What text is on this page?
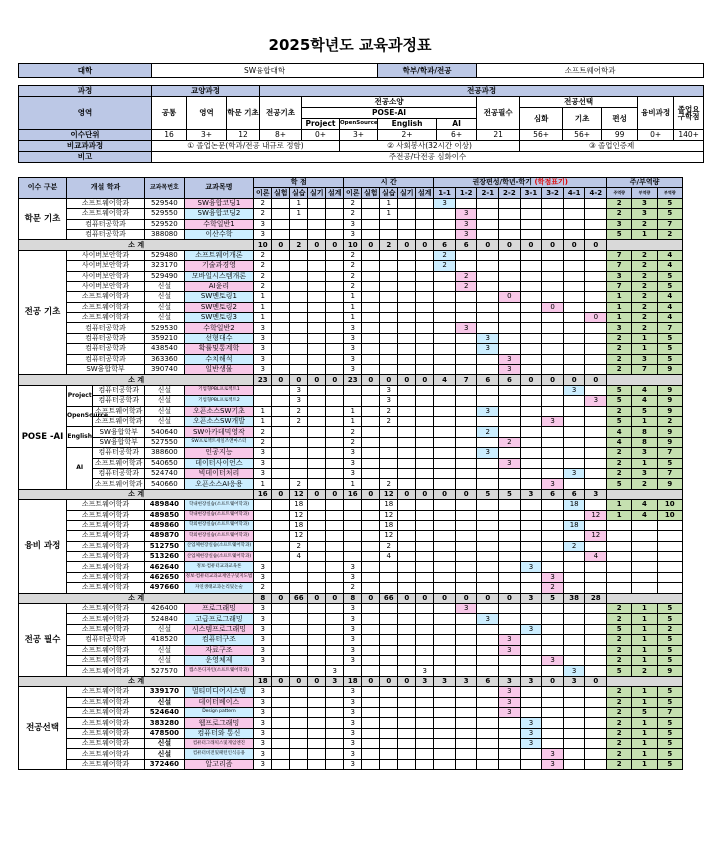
2025학년도 교육과정표
대학	SW융합대학						학부/학과/전공		소프트웨어학과					

과정	교양과정			전공과정										
영역	공통	영역	학문 기초	전공기초	전공소양				전공필수	전공선택			융비과정	졸업요 구학점
					POSE-AI					심화	기초	편성		
					Project	OpenSource	English	AI						
이수단위	16	3+	12	8+	0+	3+	2+	6+	21	56+	56+	99	0+	140+
비교과과정	① 졸업논문(학과/전공 내규로 정함)					② 사회봉사(32시간 이상)				③ 졸업인증제				
비고	주전공/다전공 심화이수													
이수 구분	개설 학과		교과목번호	교과목명	학 점					시 간					권장편성/학년-학기 (학점표기)								주/부역량		
					이론	실험	실습	실기	설계	이론	실험	실습	실기	설계	1-1	1-2	2-1	2-2	3-1	3-2	4-1	4-2	주역량	부역량	부역량
학문 기초	소프트웨어학과		529540	SW융합코딩1	2		1			2		1			3								2	3	5
	소프트웨어학과		529550	SW융합코딩2	2		1			2		1				3							2	3	5
	컴퓨터공학과		529520	수학일반1	3					3						3							3	2	7
	컴퓨터공학과		388080	이산수학	3					3						3							5	1	2
소 계					10	0	2	0	0	10	0	2	0	0	6	6	0	0	0	0	0	0			
전공 기초	사이버보안학과		529480	소프트웨어개론	2					2					2								7	2	4
	사이버보안학과		323170	기술과경영	2					2					2								7	2	4
	사이버보안학과		529490	모바일시스템개론	2					2						2							3	2	5
	사이버보안학과		신설	AI윤리	2					2						2							7	2	5
	소프트웨어학과		신설	SW멘토링1	1					1								0					1	2	4
	소프트웨어학과		신설	SW멘토링2	1					1										0			1	2	4
	소프트웨어학과		신설	SW멘토링3	1					1												0	1	2	4
	컴퓨터공학과		529530	수학일반2	3					3						3							3	2	7
	컴퓨터공학과		359210	선형대수	3					3							3						2	1	5
	컴퓨터공학과		438540	확률및통계학	3					3							3						2	1	5
	컴퓨터공학과		363360	수치해석	3					3								3					2	3	5
	SW융합학부		390740	일반생물	3					3								3					2	7	9
소 계					23	0	0	0	0	23	0	0	0	0	4	7	6	6	0	0	0	0			
POSE -AI	Project	컴퓨터공학과	신설	기업형PBL프로젝트1			3					3									3		5	4	9
		컴퓨터공학과	신설	기업형PBL프로젝트2			3					3										3	5	4	9
	OpenSource	소프트웨어학과	신설	오픈소스SW기초	1		2			1		2					3						2	5	9
		소프트웨어학과	신설	오픈소스SW개발	1		2			1		2								3			5	1	2
	English	SW융합학부	540640	SW아카데믹영작	2					2							2						4	8	9
		SW융합학부	527550	SW프로젝트세일즈앤마스터	2					2								2					4	8	9
	AI	컴퓨터공학과	388600	인공지능	3					3							3						2	3	7
		소프트웨어학과	540650	데이터사이언스	3					3								3					2	1	5
		컴퓨터공학과	524740	빅데이터처리	3					3											3		2	3	7
		소프트웨어학과	540660	오픈소스AI응용	1		2			1		2								3			5	2	9
소 계					16	0	12	0	0	16	0	12	0	0	0	0	5	5	3	6	6	3			
융비 과정	소프트웨어학과		489840	학내현장실습(소프트웨어학과)			18					18									18		1	4	10
	소프트웨어학과		489850	학내현장실습(소프트웨어학과)			12					12										12	1	4	10
	소프트웨어학과		489860	학외현장실습(소프트웨어학과)			18					18									18				
	소프트웨어학과		489870	학외현장실습(소프트웨어학과)			12					12										12			
	소프트웨어학과		512750	산업체현장실습(소프트웨어학과)			2					2									2				
	소프트웨어학과		513260	산업체현장실습(소프트웨어학과)			4					4										4			
	소프트웨어학과		462640	정보·컴퓨터교과교육론	3					3									3						
	소프트웨어학과		462650	정보·컴퓨터교과교재연구및지도법	3					3										3					
	소프트웨어학과		497660	자연생태교과논리및논술	2					2										2					
소 계					8	0	66	0	0	8	0	66	0	0	0	0	0	0	3	5	38	28			
전공 필수	소프트웨어학과		426400	프로그래밍	3					3						3							2	1	5
	소프트웨어학과		524840	고급프로그래밍	3					3							3						2	1	5
	소프트웨어학과		신설	시스템프로그래밍	3					3									3				5	1	2
	컴퓨터공학과		418520	컴퓨터구조	3					3								3					2	1	5
	소프트웨어학과		신설	자료구조	3					3								3					2	1	5
	소프트웨어학과		신설	운영체제	3					3										3			2	1	5
	소프트웨어학과		527570	캡스톤디자인(소프트웨어학과)					3					3							3		5	2	9
소 계					18	0	0	0	3	18	0	0	0	3	3	3	6	3	3	0	3	0			
전공선택	소프트웨어학과		339170	멀티미디어시스템	3					3								3					2	1	5
	소프트웨어학과		신설	데이터베이스	3					3								3					2	1	5
	소프트웨어학과		524640	Design pattern	3					3								3					2	5	7
	소프트웨어학과		383280	웹프로그래밍	3					3									3				2	1	5
	소프트웨어학과		478500	컴퓨터와 통신	3					3									3				2	1	5
	소프트웨어학과		신설	컴퓨터그래픽스및게임엔진	3					3									3				2	1	5
	소프트웨어학과		신설	컴퓨터비전및패턴인식응용	3					3										3			2	1	5
	소프트웨어학과		372460	알고리즘	3					3										3			2	1	5
